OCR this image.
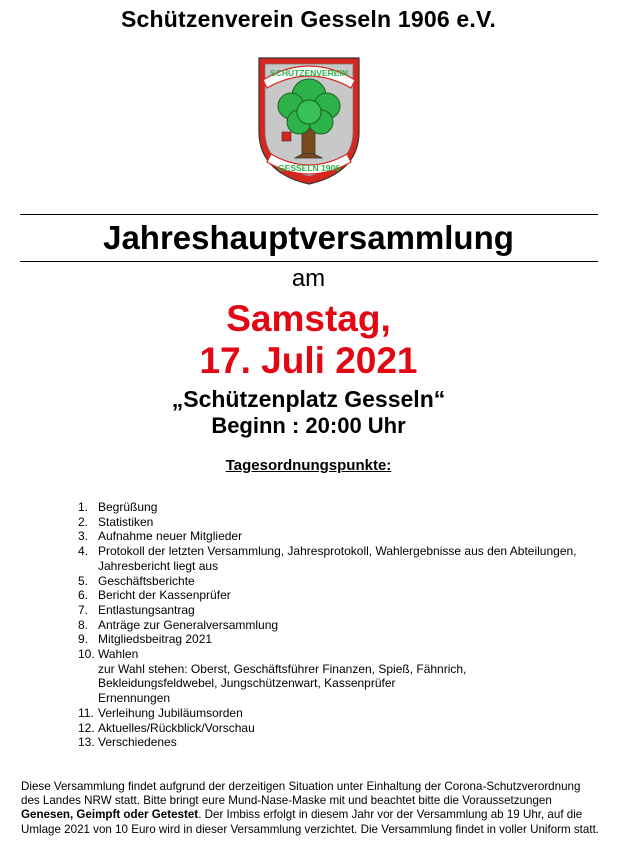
Schützenverein Gesseln 1906 e.V.
SCHÜTZENVEREIN
GESSELN 1906
Jahreshauptversammlung
am
Samstag,
17. Juli 2021
„Schützenplatz Gesseln“
Beginn : 20:00 Uhr
Tagesordnungspunkte:
1. Begrüßung
2. Statistiken
3. Aufnahme neuer Mitglieder
4. Protokoll der letzten Versammlung, Jahresprotokoll, Wahlergebnisse aus den Abteilungen, Jahresbericht liegt aus
5. Geschäftsberichte
6. Bericht der Kassenprüfer
7. Entlastungsantrag
8. Anträge zur Generalversammlung
9. Mitgliedsbeitrag 2021
10. Wahlen
zur Wahl stehen: Oberst, Geschäftsführer Finanzen, Spieß, Fähnrich,
Bekleidungsfeldwebel, Jungschützenwart, Kassenprüfer
Ernennungen
11. Verleihung Jubiläumsorden
12. Aktuelles/Rückblick/Vorschau
13. Verschiedenes

Diese Versammlung findet aufgrund der derzeitigen Situation unter Einhaltung der Corona-Schutzverordnung des Landes NRW statt. Bitte bringt eure Mund-Nase-Maske mit und beachtet bitte die Voraussetzungen Genesen, Geimpft oder Getestet. Der Imbiss erfolgt in diesem Jahr vor der Versammlung ab 19 Uhr, auf die Umlage 2021 von 10 Euro wird in dieser Versammlung verzichtet. Die Versammlung findet in voller Uniform statt.
